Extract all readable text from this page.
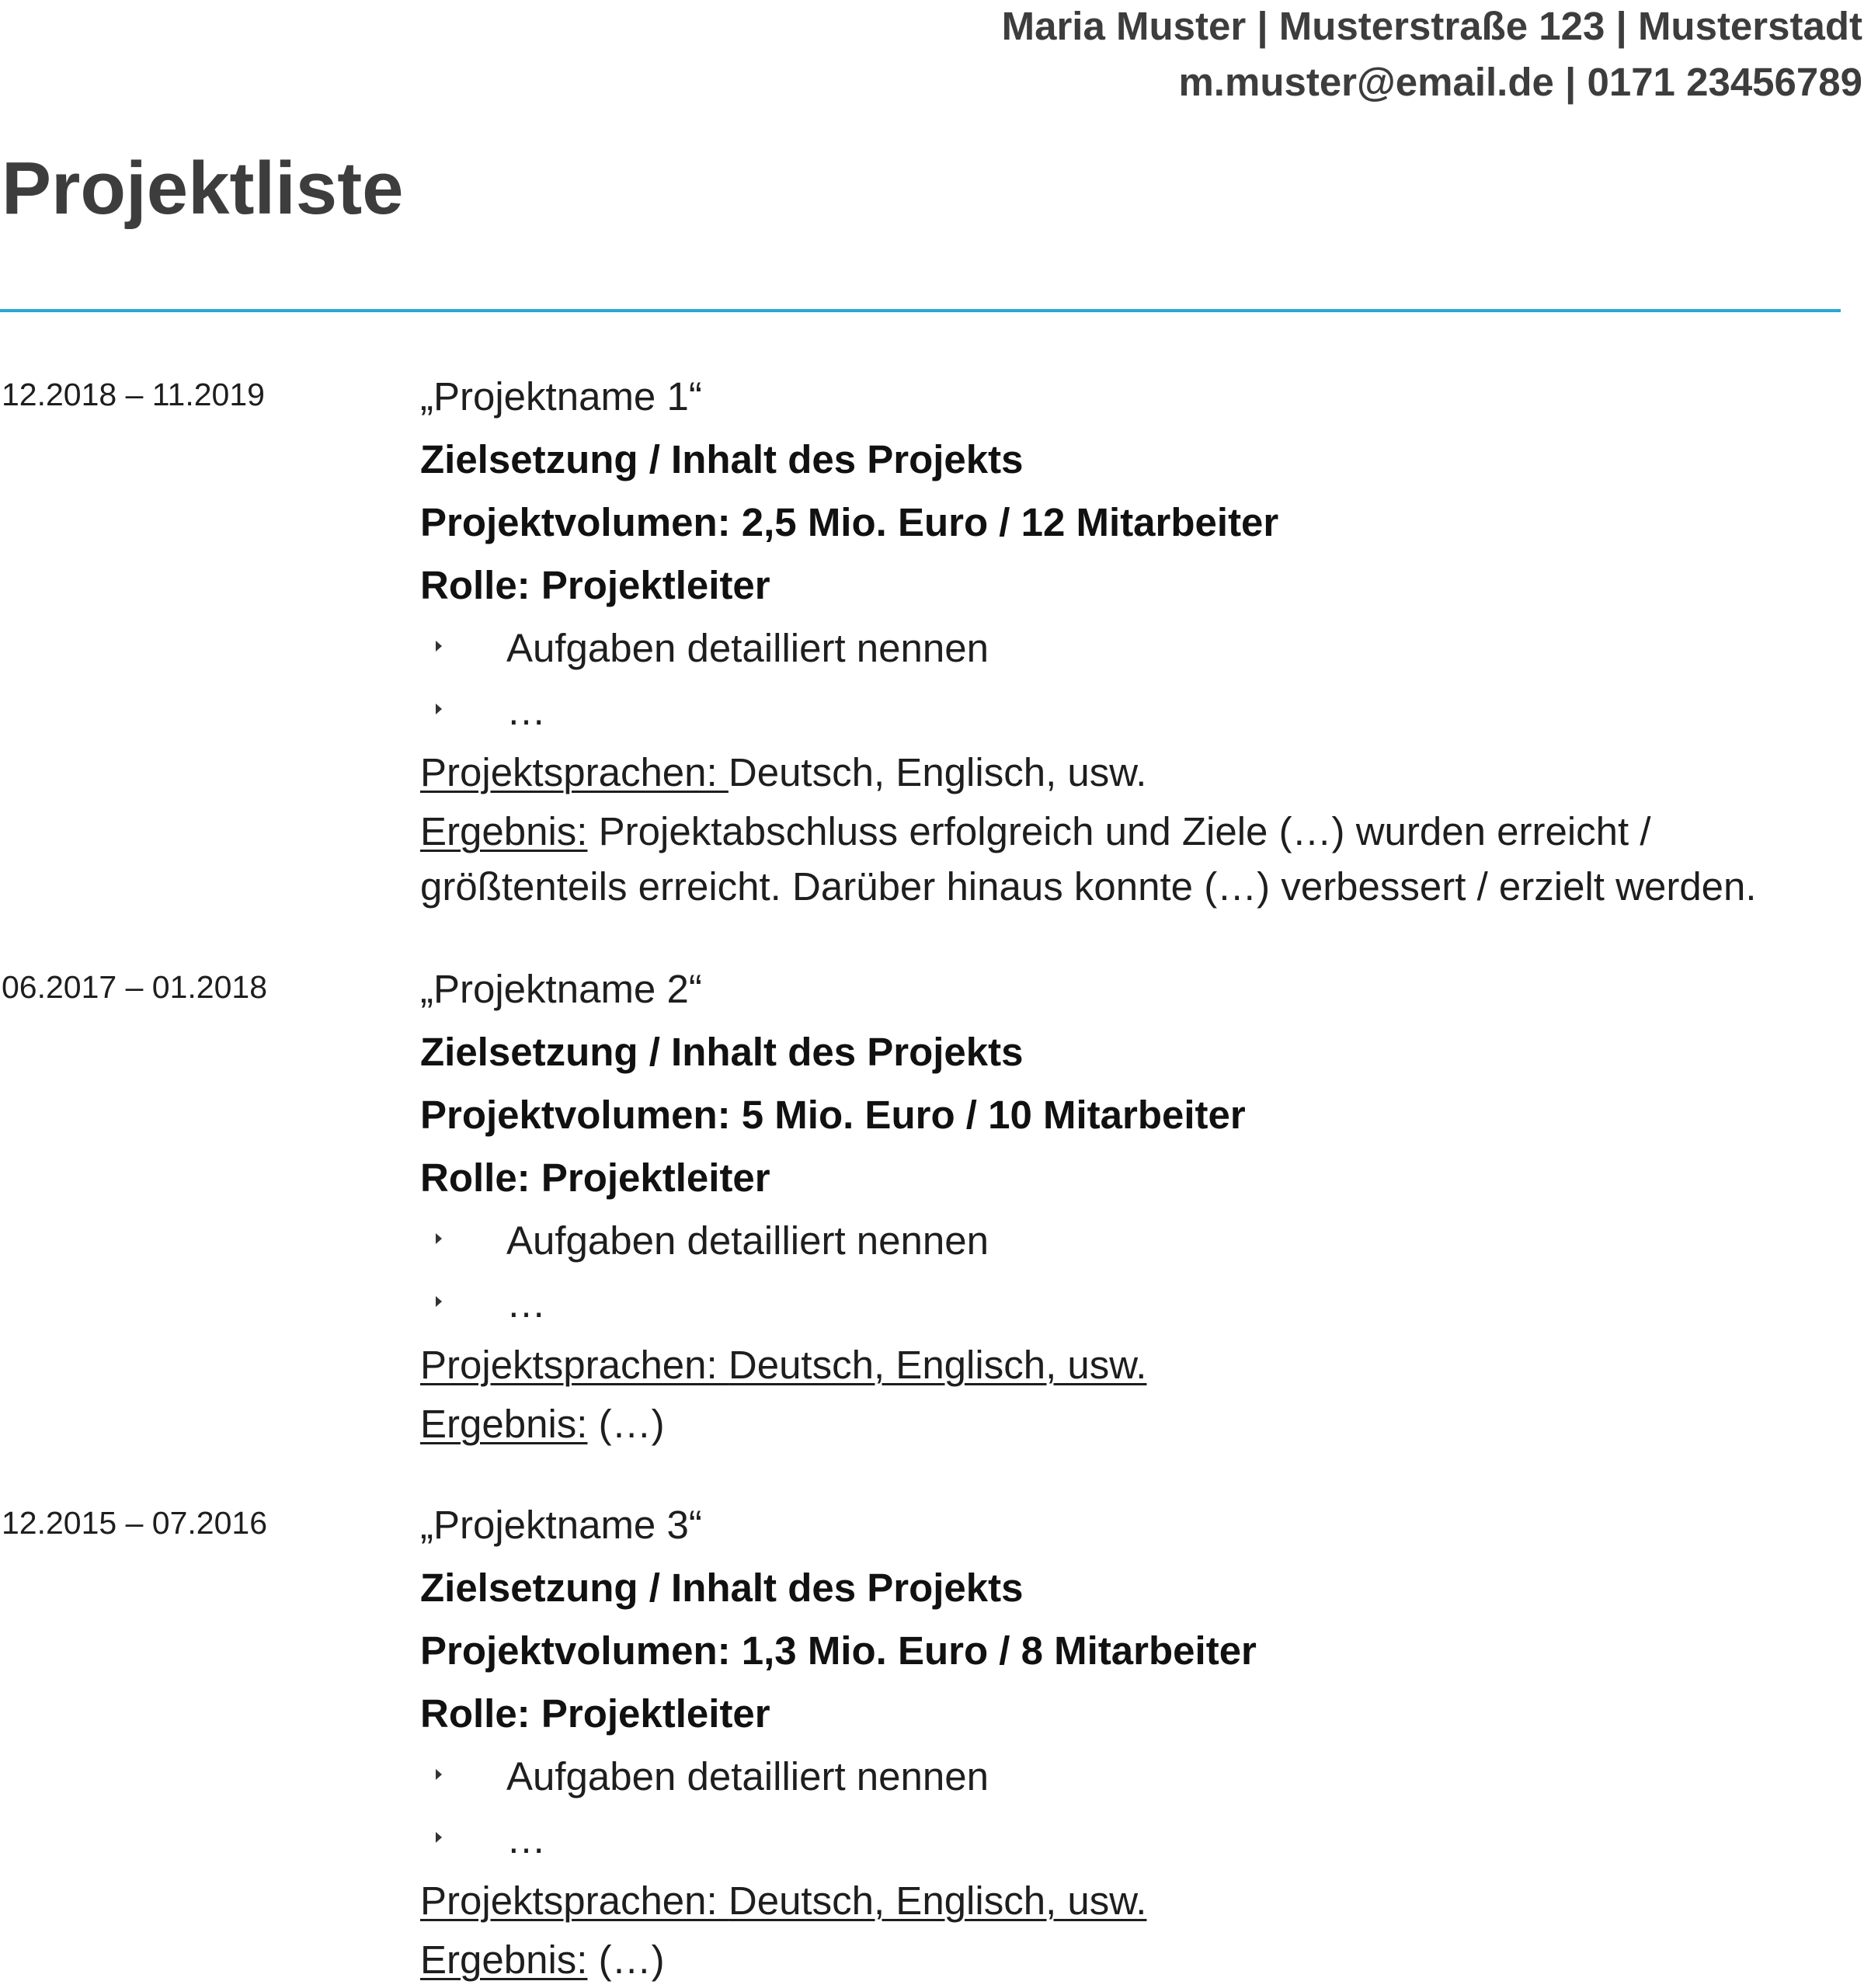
Maria Muster | Musterstraße 123 | Musterstadt
m.muster@email.de | 0171 23456789
Projektliste
12.2018 – 11.2019	„Projektname 1“
Zielsetzung / Inhalt des Projekts
Projektvolumen: 2,5 Mio. Euro / 12 Mitarbeiter
Rolle: Projektleiter
Aufgaben detailliert nennen
…
Projektsprachen: Deutsch, Englisch, usw.
Ergebnis: Projektabschluss erfolgreich und Ziele (…) wurden erreicht / größtenteils erreicht. Darüber hinaus konnte (…) verbessert / erzielt werden.
06.2017 – 01.2018	„Projektname 2“
Zielsetzung / Inhalt des Projekts
Projektvolumen: 5 Mio. Euro / 10 Mitarbeiter
Rolle: Projektleiter
Aufgaben detailliert nennen
…
Projektsprachen: Deutsch, Englisch, usw.
Ergebnis: (…)
12.2015 – 07.2016	„Projektname 3“
Zielsetzung / Inhalt des Projekts
Projektvolumen: 1,3 Mio. Euro / 8 Mitarbeiter
Rolle: Projektleiter
Aufgaben detailliert nennen
…
Projektsprachen: Deutsch, Englisch, usw.
Ergebnis: (…)
